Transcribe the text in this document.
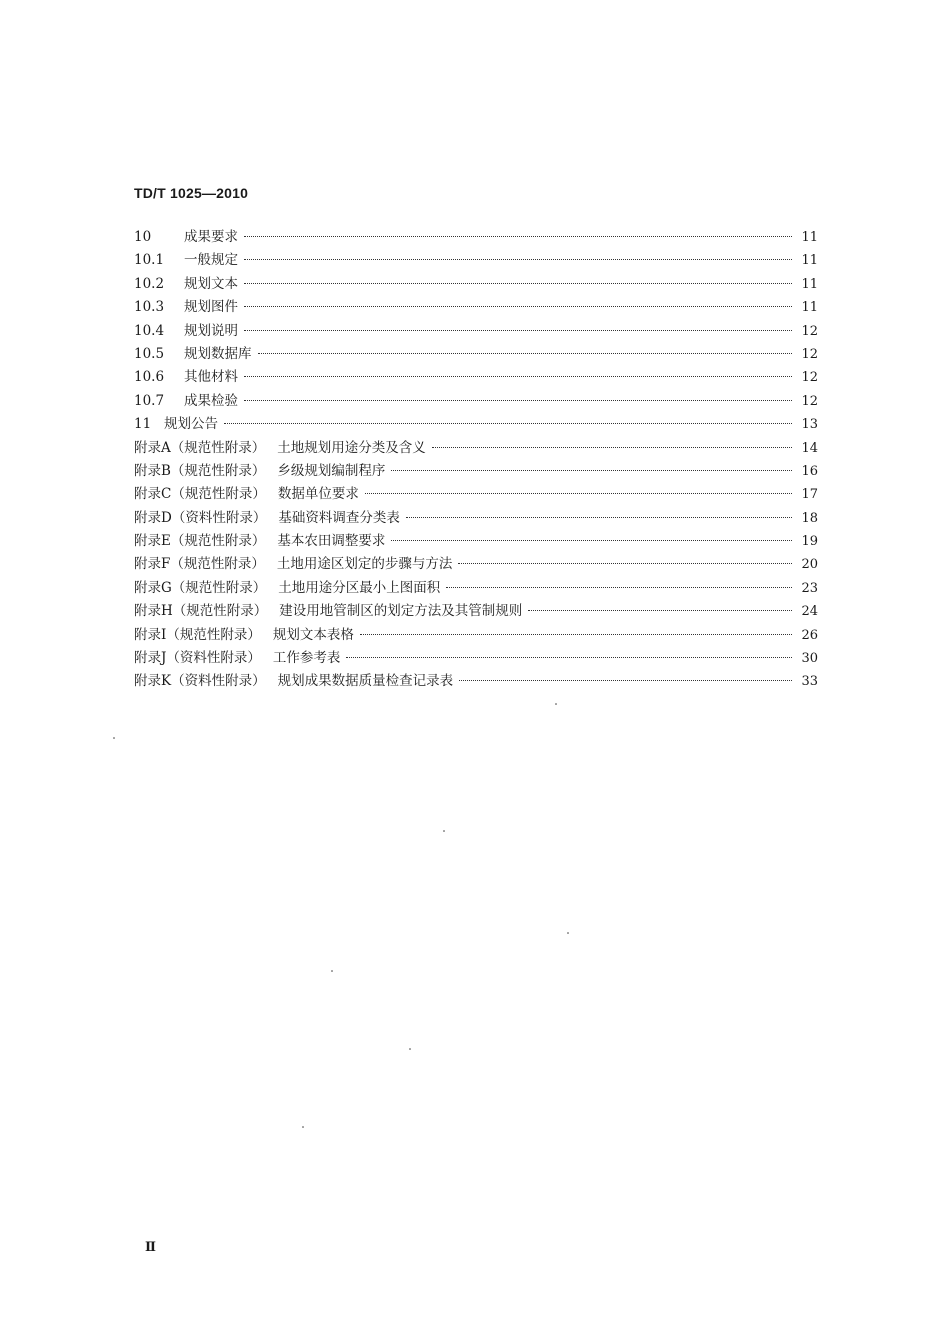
TD/T 1025—2010
10	成果要求	11
10.1	一般规定	11
10.2	规划文本	11
10.3	规划图件	11
10.4	规划说明	12
10.5	规划数据库	12
10.6	其他材料	12
10.7	成果检验	12
11 规划公告	13
附录A（规范性附录） 土地规划用途分类及含义	14
附录B（规范性附录） 乡级规划编制程序	16
附录C（规范性附录） 数据单位要求	17
附录D（资料性附录） 基础资料调查分类表	18
附录E（规范性附录） 基本农田调整要求	19
附录F（规范性附录） 土地用途区划定的步骤与方法	20
附录G（规范性附录） 土地用途分区最小上图面积	23
附录H（规范性附录） 建设用地管制区的划定方法及其管制规则	24
附录I（规范性附录） 规划文本表格	26
附录J（资料性附录） 工作参考表	30
附录K（资料性附录） 规划成果数据质量检查记录表	33
Ⅱ
